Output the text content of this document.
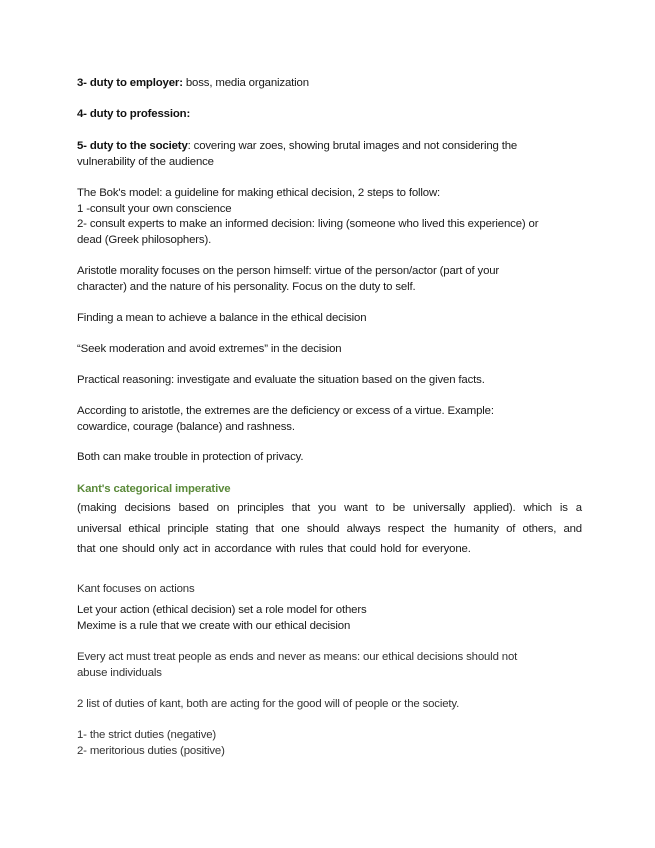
3- duty to employer: boss, media organization
4- duty to profession:
5- duty to the society: covering war zoes, showing brutal images and not considering the
vulnerability of the audience
The Bok's model: a guideline for making ethical decision, 2 steps to follow:
1 -consult your own conscience
2- consult experts to make an informed decision: living (someone who lived this experience) or
dead (Greek philosophers).
Aristotle morality focuses on the person himself: virtue of the person/actor (part of your
character) and the nature of his personality. Focus on the duty to self.
Finding a mean to achieve a balance in the ethical decision
“Seek moderation and avoid extremes” in the decision
Practical reasoning: investigate and evaluate the situation based on the given facts.
According to aristotle, the extremes are the deficiency or excess of a virtue. Example:
cowardice, courage (balance) and rashness.
Both can make trouble in protection of privacy.
Kant's categorical imperative
(making decisions based on principles that you want to be universally applied). which is a
universal ethical principle stating that one should always respect the humanity of others, and
that one should only act in accordance with rules that could hold for everyone.
Kant focuses on actions
Let your action (ethical decision) set a role model for others
Mexime is a rule that we create with our ethical decision
Every act must treat people as ends and never as means: our ethical decisions should not
abuse individuals
2 list of duties of kant, both are acting for the good will of people or the society.
1- the strict duties (negative)
2- meritorious duties (positive)
